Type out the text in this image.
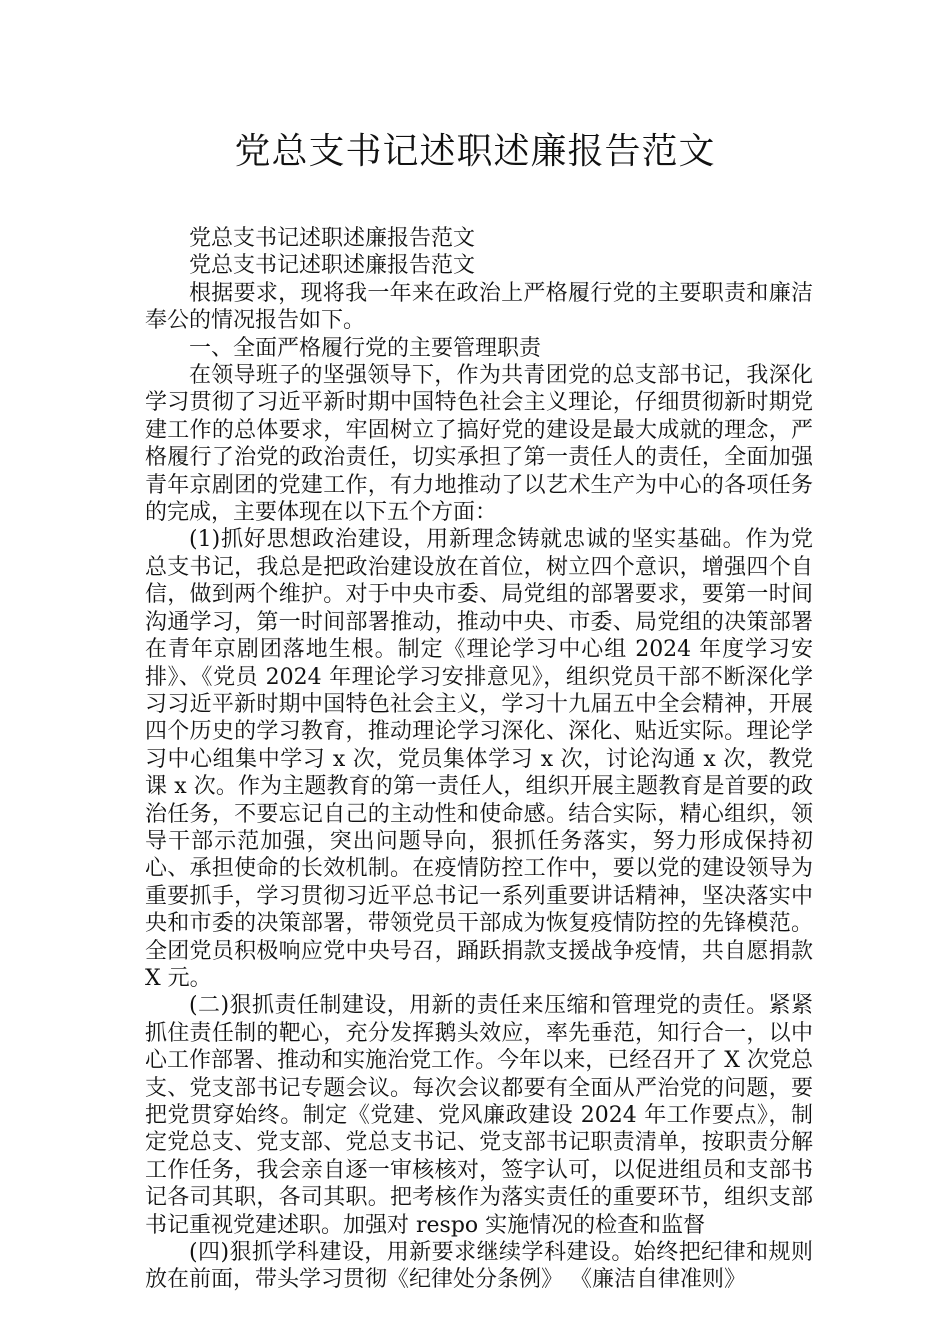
党总支书记述职述廉报告范文

党总支书记述职述廉报告范文

党总支书记述职述廉报告范文

根据要求，现将我一年来在政治上严格履行党的主要职责和廉洁奉公的情况报告如下。

一、全面严格履行党的主要管理职责

在领导班子的坚强领导下，作为共青团党的总支部书记，我深化学习贯彻了习近平新时期中国特色社会主义理论，仔细贯彻新时期党建工作的总体要求，牢固树立了搞好党的建设是最大成就的理念，严格履行了治党的政治责任，切实承担了第一责任人的责任，全面加强青年京剧团的党建工作，有力地推动了以艺术生产为中心的各项任务的完成，主要体现在以下五个方面：

(1)抓好思想政治建设，用新理念铸就忠诚的坚实基础。作为党总支书记，我总是把政治建设放在首位，树立四个意识，增强四个自信，做到两个维护。对于中央市委、局党组的部署要求，要第一时间沟通学习，第一时间部署推动，推动中央、市委、局党组的决策部署在青年京剧团落地生根。制定《理论学习中心组 2024 年度学习安排》、《党员 2024 年理论学习安排意见》，组织党员干部不断深化学习习近平新时期中国特色社会主义，学习十九届五中全会精神，开展四个历史的学习教育，推动理论学习深化、深化、贴近实际。理论学习中心组集中学习 x 次，党员集体学习 x 次，讨论沟通 x 次，教党课 x 次。作为主题教育的第一责任人，组织开展主题教育是首要的政治任务，不要忘记自己的主动性和使命感。结合实际，精心组织，领导干部示范加强，突出问题导向，狠抓任务落实，努力形成保持初心、承担使命的长效机制。在疫情防控工作中，要以党的建设领导为重要抓手，学习贯彻习近平总书记一系列重要讲话精神，坚决落实中央和市委的决策部署，带领党员干部成为恢复疫情防控的先锋模范。全团党员积极响应党中央号召，踊跃捐款支援战争疫情，共自愿捐款 X 元。

(二)狠抓责任制建设，用新的责任来压缩和管理党的责任。紧紧抓住责任制的靶心，充分发挥鹅头效应，率先垂范，知行合一，以中心工作部署、推动和实施治党工作。今年以来，已经召开了 X 次党总支、党支部书记专题会议。每次会议都要有全面从严治党的问题，要把党贯穿始终。制定《党建、党风廉政建设 2024 年工作要点》，制定党总支、党支部、党总支书记、党支部书记职责清单，按职责分解工作任务，我会亲自逐一审核核对，签字认可，以促进组员和支部书记各司其职，各司其职。把考核作为落实责任的重要环节，组织支部书记重视党建述职。加强对 respo 实施情况的检查和监督

(四)狠抓学科建设，用新要求继续学科建设。始终把纪律和规则放在前面，带头学习贯彻《纪律处分条例》 《廉洁自律准则》
